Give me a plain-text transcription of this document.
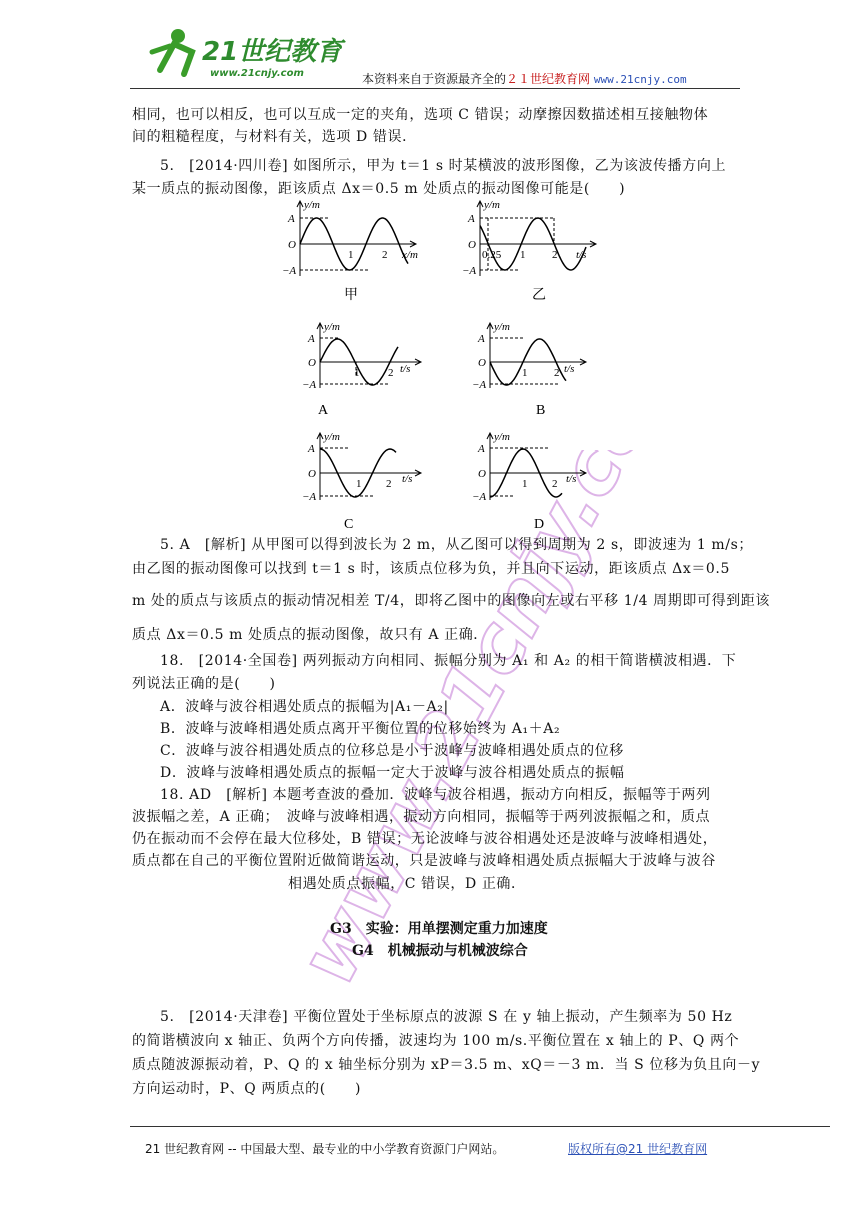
21世纪教育
www.21cnjy.com	本资料来自于资源最齐全的２１世纪教育网 www.21cnjy.com
www.21cnjy.com
相同，也可以相反，也可以互成一定的夹角，选项 C 错误；动摩擦因数描述相互接触物体
间的粗糙程度，与材料有关，选项 D 错误．
5.　[2014·四川卷] 如图所示，甲为 t＝1 s 时某横波的波形图像，乙为该波传播方向上
某一质点的振动图像，距该质点 Δx＝0.5 m 处质点的振动图像可能是(　　)
y/m
A
O
−A
1	2 x/m
y/m
A
O
−A
0.25 1 2 t/s
甲	乙
y/m
A
O
−A
1	2 t/s
y/m
A
O
−A
1 2 t/s
A	B
y/m
A
O
−A
1 2 t/s
y/m
A
O
−A
1 2 t/s
C	D
5. A　[解析] 从甲图可以得到波长为 2 m，从乙图可以得到周期为 2 s，即波速为 1 m/s；
由乙图的振动图像可以找到 t＝1 s 时，该质点位移为负，并且向下运动，距该质点 Δx＝0.5
m 处的质点与该质点的振动情况相差 T/4，即将乙图中的图像向左或右平移 1/4 周期即可得到距该
质点 Δx＝0.5 m 处质点的振动图像，故只有 A 正确．
18.　[2014·全国卷] 两列振动方向相同、振幅分别为 A₁ 和 A₂ 的相干简谐横波相遇．下
列说法正确的是(　　)
A．波峰与波谷相遇处质点的振幅为|A₁－A₂|
B．波峰与波峰相遇处质点离开平衡位置的位移始终为 A₁＋A₂
C．波峰与波谷相遇处质点的位移总是小于波峰与波峰相遇处质点的位移
D．波峰与波峰相遇处质点的振幅一定大于波峰与波谷相遇处质点的振幅
18. AD　[解析] 本题考查波的叠加．波峰与波谷相遇，振动方向相反，振幅等于两列
波振幅之差，A 正确；　波峰与波峰相遇，振动方向相同，振幅等于两列波振幅之和，质点
仍在振动而不会停在最大位移处，B 错误；无论波峰与波谷相遇处还是波峰与波峰相遇处，
质点都在自己的平衡位置附近做简谐运动，只是波峰与波峰相遇处质点振幅大于波峰与波谷
相遇处质点振幅，C 错误，D 正确．
G3　实验：用单摆测定重力加速度
G4　机械振动与机械波综合
5.　[2014·天津卷] 平衡位置处于坐标原点的波源 S 在 y 轴上振动，产生频率为 50 Hz
的简谐横波向 x 轴正、负两个方向传播，波速均为 100 m/s.平衡位置在 x 轴上的 P、Q 两个
质点随波源振动着，P、Q 的 x 轴坐标分别为 xP＝3.5 m、xQ＝－3 m．当 S 位移为负且向－y
方向运动时，P、Q 两质点的(　　)
21 世纪教育网 -- 中国最大型、最专业的中小学教育资源门户网站。	版权所有@21 世纪教育网
